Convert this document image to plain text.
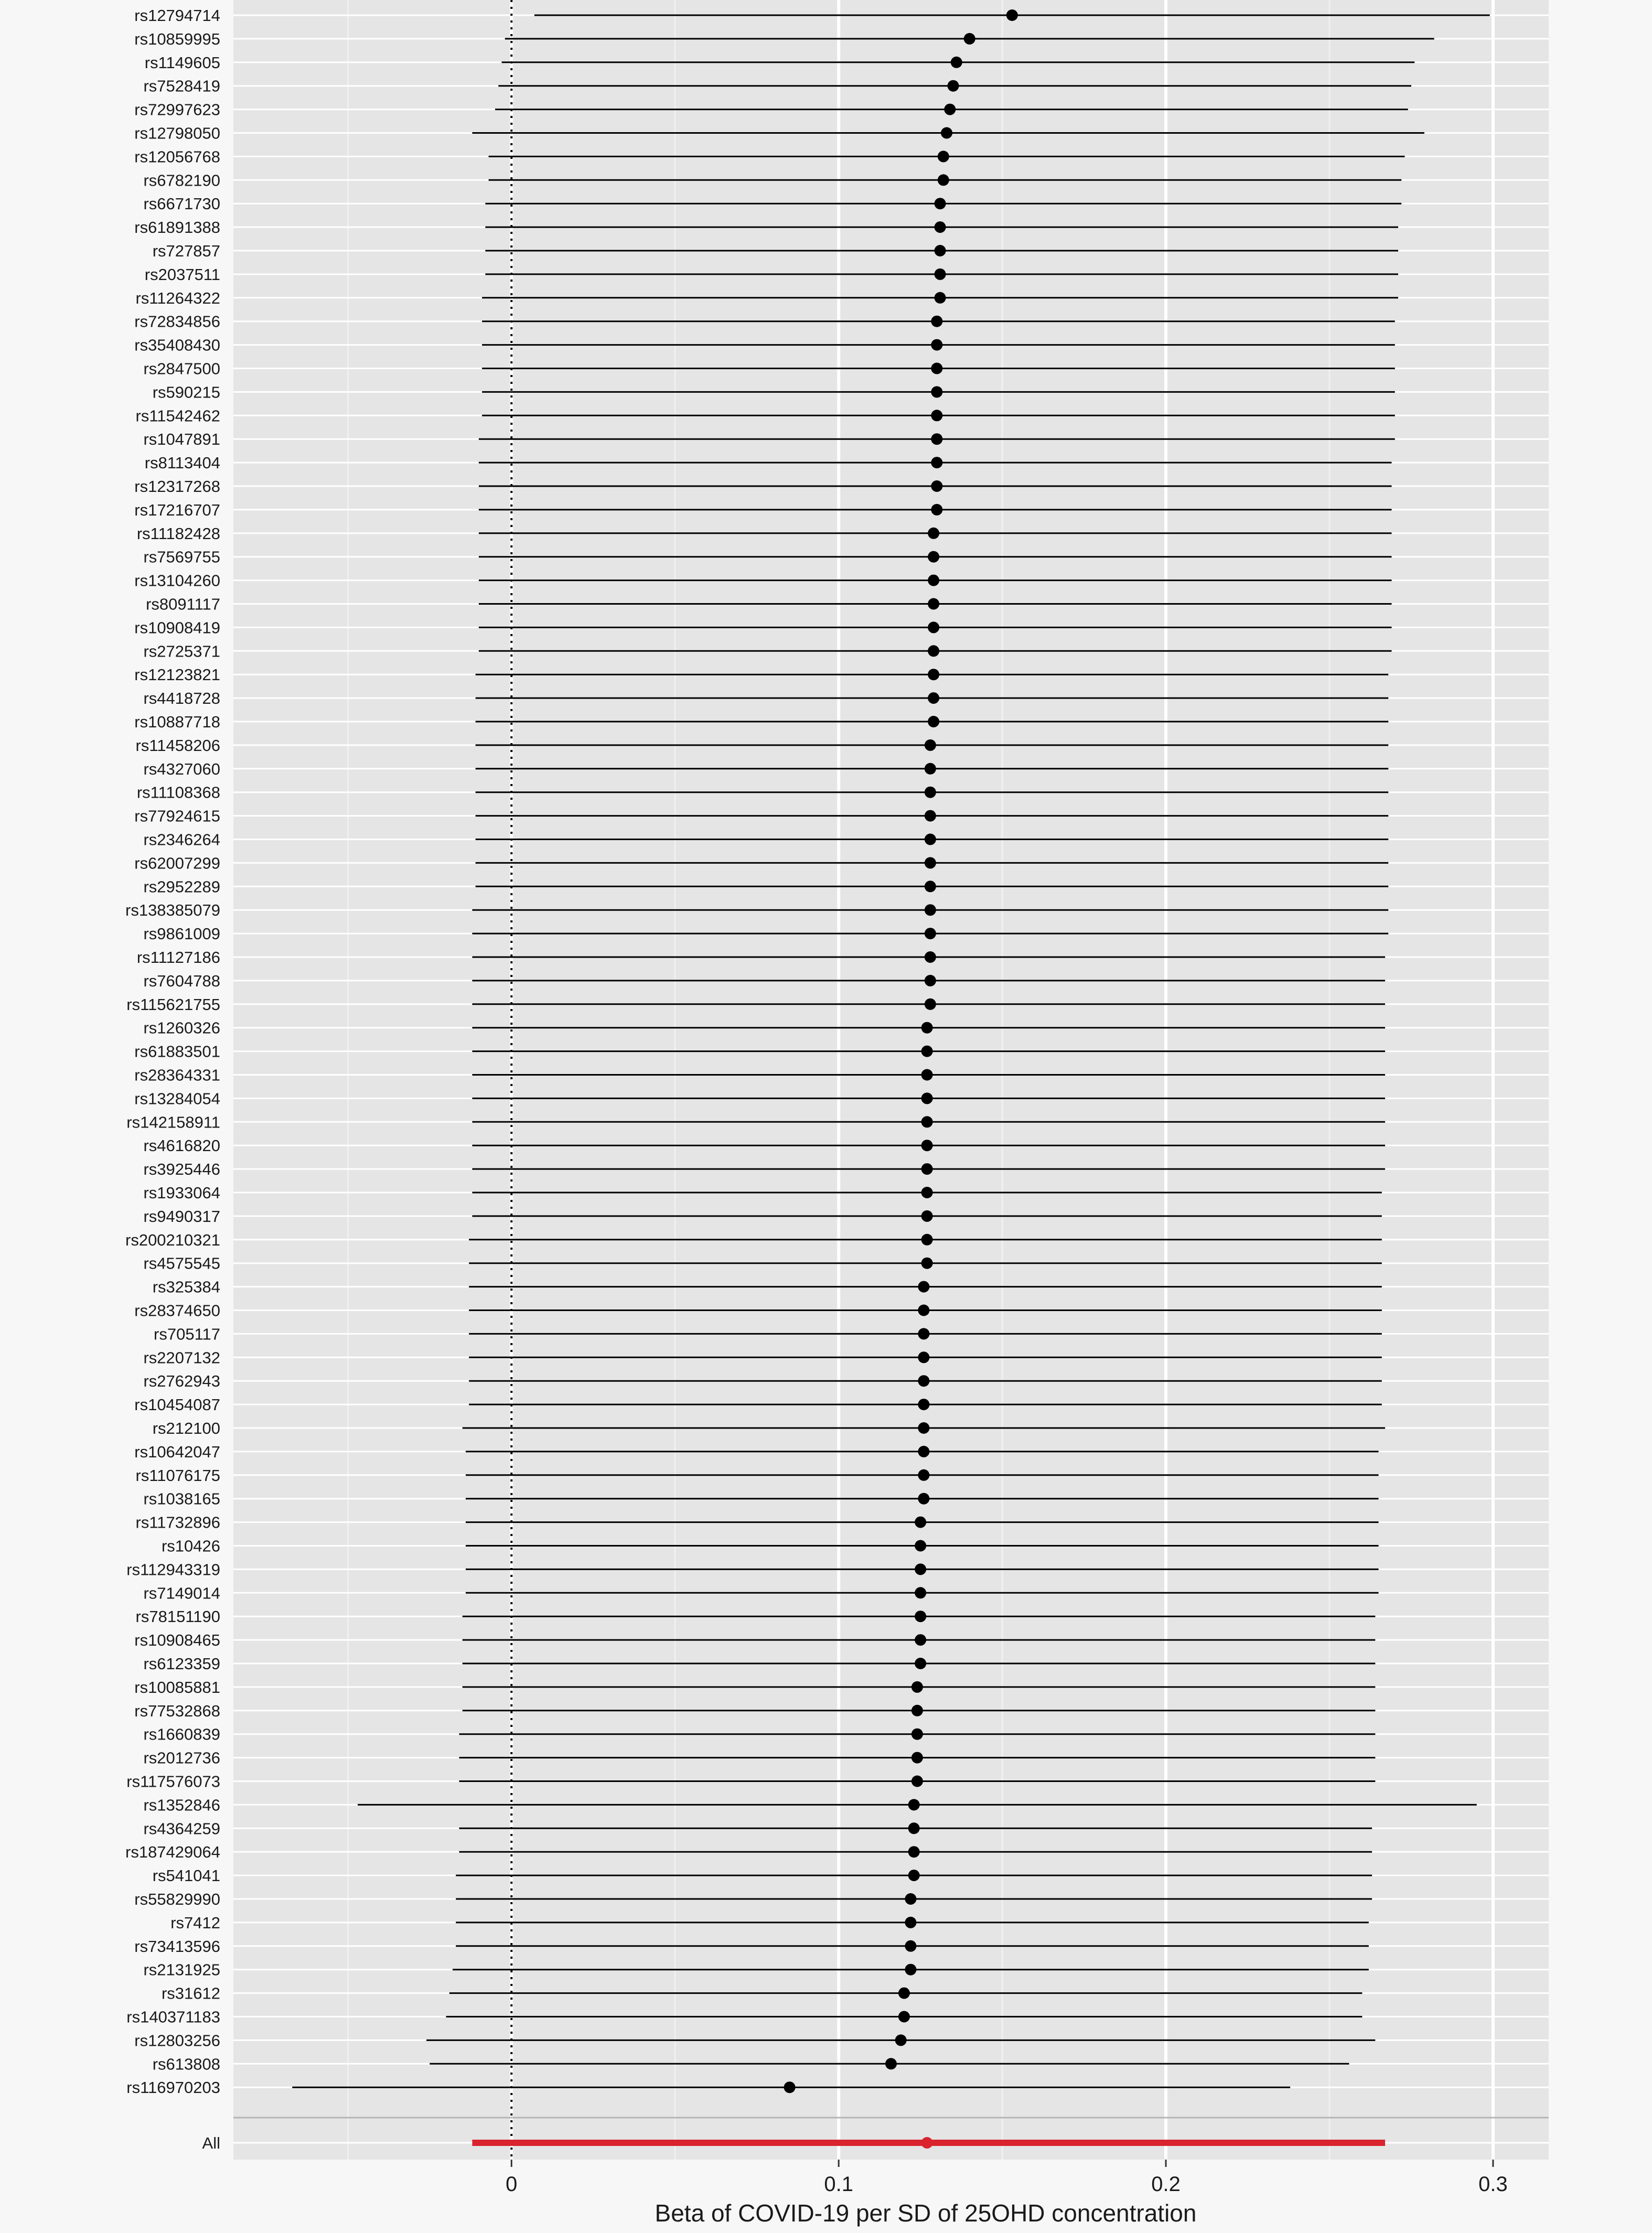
rs12794714
rs10859995
rs1149605
rs7528419
rs72997623
rs12798050
rs12056768
rs6782190
rs6671730
rs61891388
rs727857
rs2037511
rs11264322
rs72834856
rs35408430
rs2847500
rs590215
rs11542462
rs1047891
rs8113404
rs12317268
rs17216707
rs11182428
rs7569755
rs13104260
rs8091117
rs10908419
rs2725371
rs12123821
rs4418728
rs10887718
rs11458206
rs4327060
rs11108368
rs77924615
rs2346264
rs62007299
rs2952289
rs138385079
rs9861009
rs11127186
rs7604788
rs115621755
rs1260326
rs61883501
rs28364331
rs13284054
rs142158911
rs4616820
rs3925446
rs1933064
rs9490317
rs200210321
rs4575545
rs325384
rs28374650
rs705117
rs2207132
rs2762943
rs10454087
rs212100
rs10642047
rs11076175
rs1038165
rs11732896
rs10426
rs112943319
rs7149014
rs78151190
rs10908465
rs6123359
rs10085881
rs77532868
rs1660839
rs2012736
rs117576073
rs1352846
rs4364259
rs187429064
rs541041
rs55829990
rs7412
rs73413596
rs2131925
rs31612
rs140371183
rs12803256
rs613808
rs116970203
All
0	0.1	0.2	0.3
Beta of COVID-19 per SD of 25OHD concentration
